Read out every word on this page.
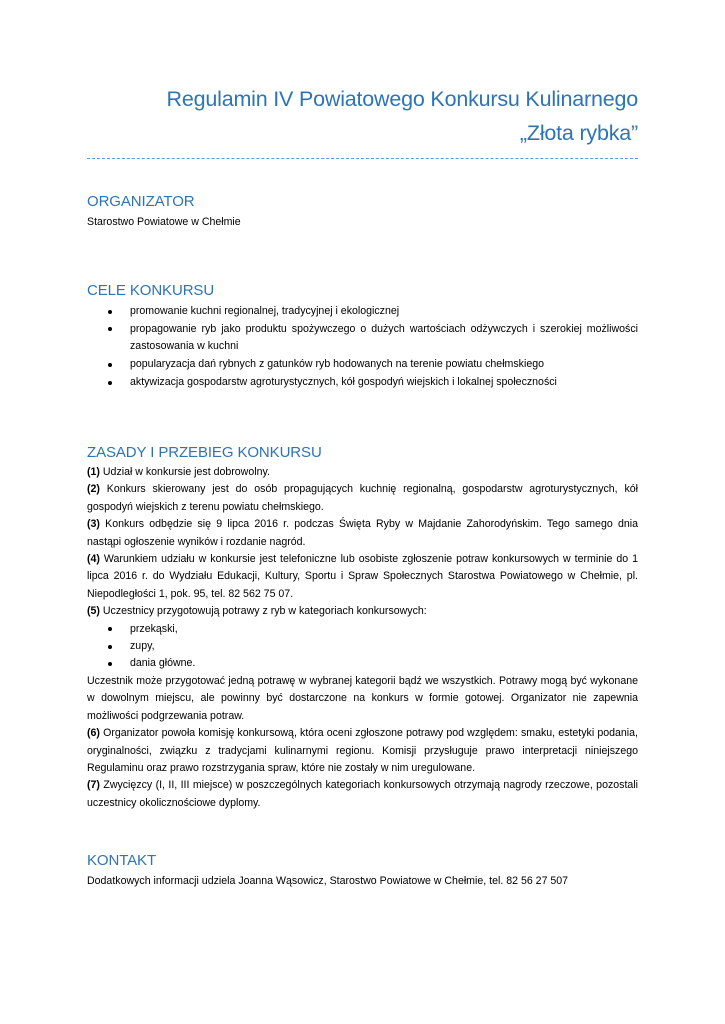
Regulamin IV Powiatowego Konkursu Kulinarnego
„Złota rybka”
ORGANIZATOR

Starostwo Powiatowe w Chełmie

CELE KONKURSU
promowanie kuchni regionalnej, tradycyjnej i ekologicznej
propagowanie ryb jako produktu spożywczego o dużych wartościach odżywczych i szerokiej możliwości zastosowania w kuchni
popularyzacja dań rybnych z gatunków ryb hodowanych na terenie powiatu chełmskiego
aktywizacja gospodarstw agroturystycznych, kół gospodyń wiejskich i lokalnej społeczności
ZASADY I PRZEBIEG KONKURSU

(1) Udział w konkursie jest dobrowolny.

(2) Konkurs skierowany jest do osób propagujących kuchnię regionalną, gospodarstw agroturystycznych, kół gospodyń wiejskich z terenu powiatu chełmskiego.

(3) Konkurs odbędzie się 9 lipca 2016 r. podczas Święta Ryby w Majdanie Zahorodyńskim. Tego samego dnia nastąpi ogłoszenie wyników i rozdanie nagród.

(4) Warunkiem udziału w konkursie jest telefoniczne lub osobiste zgłoszenie potraw konkursowych w terminie do 1 lipca 2016 r. do Wydziału Edukacji, Kultury, Sportu i Spraw Społecznych Starostwa Powiatowego w Chełmie, pl. Niepodległości 1, pok. 95, tel. 82 562 75 07.

(5) Uczestnicy przygotowują potrawy z ryb w kategoriach konkursowych:

przekąski,
zupy,
dania główne.

Uczestnik może przygotować jedną potrawę w wybranej kategorii bądź we wszystkich. Potrawy mogą być wykonane w dowolnym miejscu, ale powinny być dostarczone na konkurs w formie gotowej. Organizator nie zapewnia możliwości podgrzewania potraw.

(6) Organizator powoła komisję konkursową, która oceni zgłoszone potrawy pod względem: smaku, estetyki podania, oryginalności, związku z tradycjami kulinarnymi regionu. Komisji przysługuje prawo interpretacji niniejszego Regulaminu oraz prawo rozstrzygania spraw, które nie zostały w nim uregulowane.

(7) Zwycięzcy (I, II, III miejsce) w poszczególnych kategoriach konkursowych otrzymają nagrody rzeczowe, pozostali uczestnicy okolicznościowe dyplomy.

KONTAKT

Dodatkowych informacji udziela Joanna Wąsowicz, Starostwo Powiatowe w Chełmie, tel. 82 56 27 507
